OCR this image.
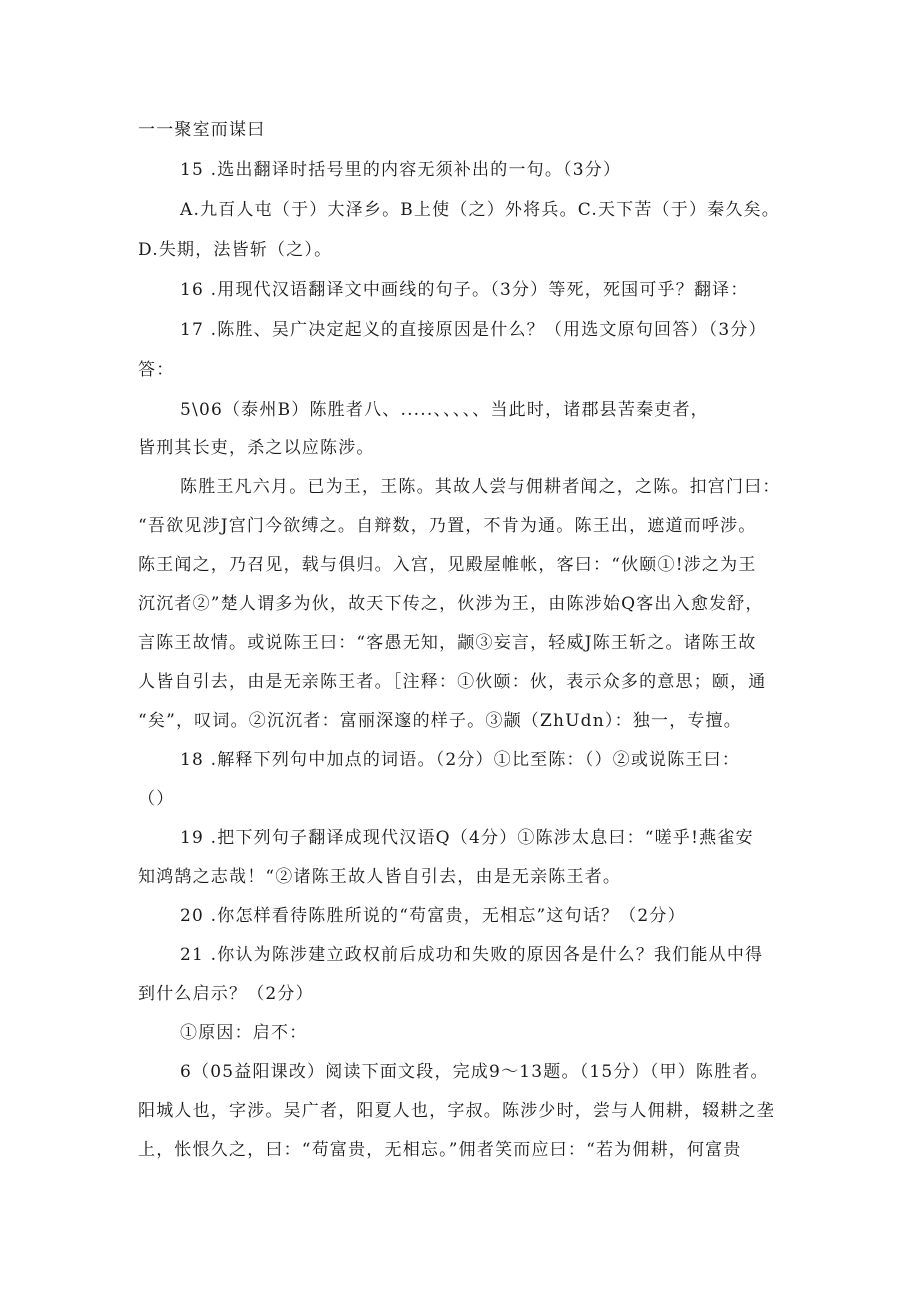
一一聚室而谋曰
15 .选出翻译时括号里的内容无须补出的一句。（3分）
A.九百人屯（于）大泽乡。B上使（之）外将兵。C.天下苦（于）秦久矣。
D.失期，法皆斩（之）。
16 .用现代汉语翻译文中画线的句子。（3分）等死，死国可乎？翻译：
17 .陈胜、吴广决定起义的直接原因是什么？（用选文原句回答）（3分）
答：
5\06（泰州B）陈胜者八、.....、、、、、当此时，诸郡县苦秦吏者，
皆刑其长吏，杀之以应陈涉。
陈胜王凡六月。已为王，王陈。其故人尝与佣耕者闻之，之陈。扣宫门曰：
“吾欲见涉J宫门今欲缚之。自辩数，乃置，不肯为通。陈王出，遮道而呼涉。
陈王闻之，乃召见，载与俱归。入宫，见殿屋帷帐，客曰：“伙颐①!涉之为王
沉沉者②”楚人谓多为伙，故天下传之，伙涉为王，由陈涉始Q客出入愈发舒，
言陈王故情。或说陈王曰：“客愚无知，颛③妄言，轻威J陈王斩之。诸陈王故
人皆自引去，由是无亲陈王者。［注释：①伙颐：伙，表示众多的意思；颐，通
“矣”，叹词。②沉沉者：富丽深邃的样子。③颛（ZhUdn）：独一，专擅。
18 .解释下列句中加点的词语。（2分）①比至陈：（）②或说陈王曰：
（）
19 .把下列句子翻译成现代汉语Q（4分）①陈涉太息曰：“嗟乎!燕雀安
知鸿鹄之志哉！“②诸陈王故人皆自引去，由是无亲陈王者。
20 .你怎样看待陈胜所说的“苟富贵，无相忘”这句话？（2分）
21 .你认为陈涉建立政权前后成功和失败的原因各是什么？我们能从中得
到什么启示？（2分）
①原因：启不：
6（05益阳课改）阅读下面文段，完成9～13题。（15分）（甲）陈胜者。
阳城人也，字涉。吴广者，阳夏人也，字叔。陈涉少时，尝与人佣耕，辍耕之垄
上，怅恨久之，曰：“苟富贵，无相忘。”佣者笑而应曰：“若为佣耕，何富贵
